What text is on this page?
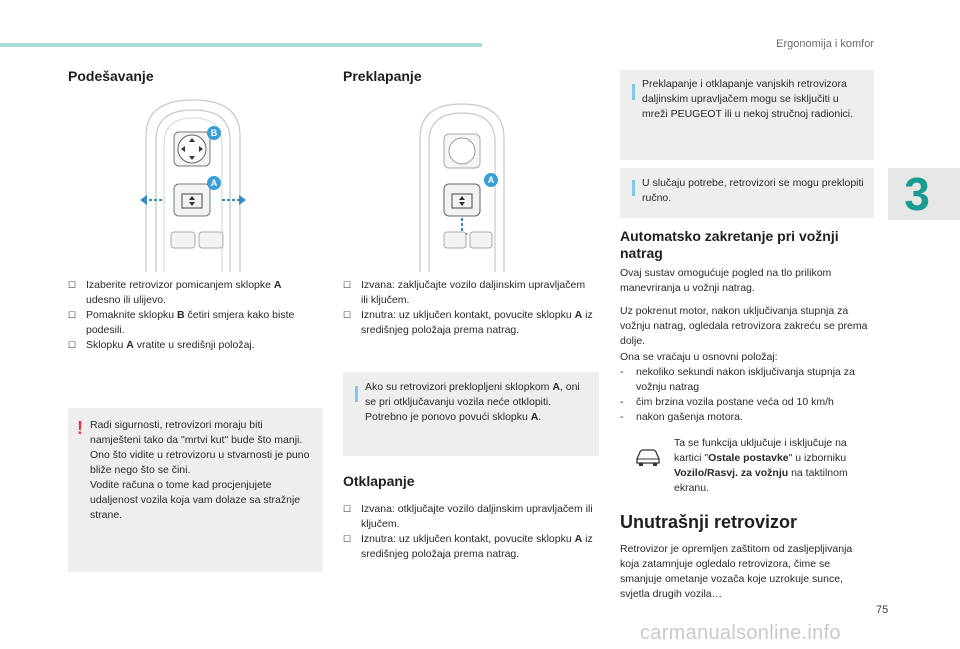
Ergonomija i komfor
3
Podešavanje
B
A
☐ Izaberite retrovizor pomicanjem sklopke A udesno ili ulijevo.
☐ Pomaknite sklopku B četiri smjera kako biste podesili.
☐ Sklopku A vratite u središnji položaj.
! Radi sigurnosti, retrovizori moraju biti namješteni tako da "mrtvi kut" bude što manji.
Ono što vidite u retrovizoru u stvarnosti je puno bliže nego što se čini.
Vodite računa o tome kad procjenjujete udaljenost vozila koja vam dolaze sa stražnje strane.
Preklapanje
A
☐ Izvana: zaključajte vozilo daljinskim upravljačem ili ključem.
☐ Iznutra: uz uključen kontakt, povucite sklopku A iz središnjeg položaja prema natrag.
Ako su retrovizori preklopljeni sklopkom A, oni se pri otključavanju vozila neće otklopiti. Potrebno je ponovo povući sklopku A.
Otklapanje
☐ Izvana: otključajte vozilo daljinskim upravljačem ili ključem.
☐ Iznutra: uz uključen kontakt, povucite sklopku A iz središnjeg položaja prema natrag.
Preklapanje i otklapanje vanjskih retrovizora daljinskim upravljačem mogu se isključiti u mreži PEUGEOT ili u nekoj stručnoj radionici.
U slučaju potrebe, retrovizori se mogu preklopiti ručno.
Automatsko zakretanje pri vožnji natrag
Ovaj sustav omogućuje pogled na tlo prilikom manevriranja u vožnji natrag.
Uz pokrenut motor, nakon uključivanja stupnja za vožnju natrag, ogledala retrovizora zakreću se prema dolje.
Ona se vraćaju u osnovni položaj:
- nekoliko sekundi nakon isključivanja stupnja za vožnju natrag
- čim brzina vozila postane veća od 10 km/h
- nakon gašenja motora.
Ta se funkcija uključuje i isključuje na kartici "Ostale postavke" u izborniku Vozilo/Rasvj. za vožnju na taktilnom ekranu.
Unutrašnji retrovizor
Retrovizor je opremljen zaštitom od zasljepljivanja koja zatamnjuje ogledalo retrovizora, čime se smanjuje ometanje vozača koje uzrokuje sunce, svjetla drugih vozila…
75
carmanualsonline.info
